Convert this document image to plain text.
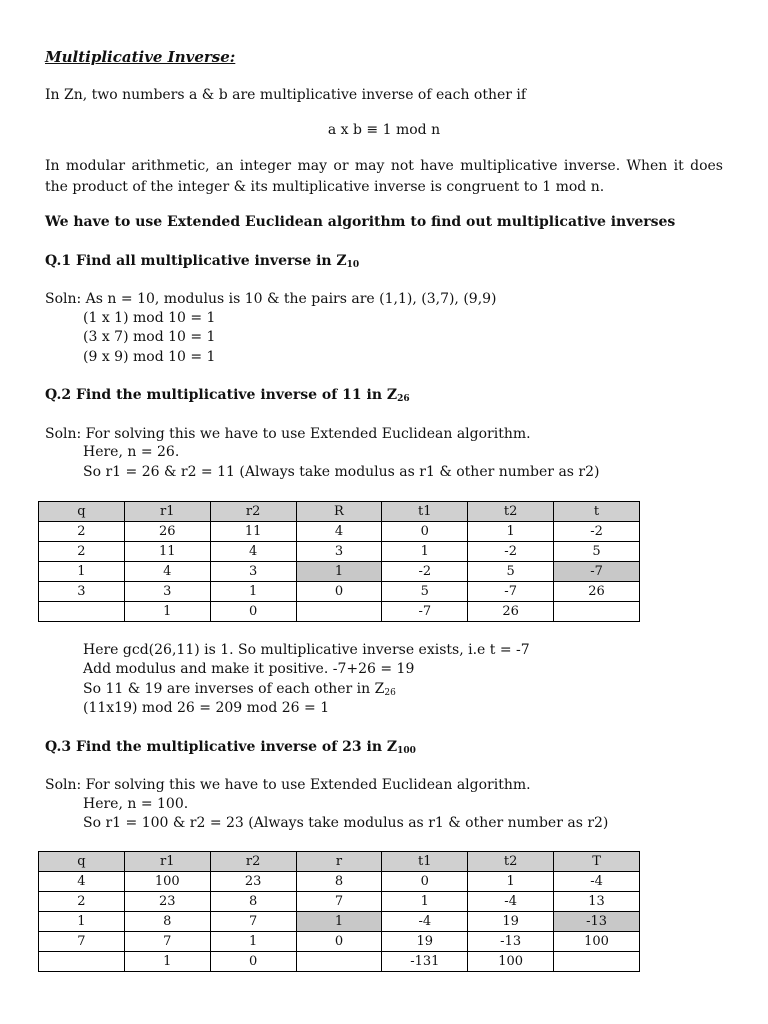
Multiplicative Inverse:
In Zn, two numbers a & b are multiplicative inverse of each other if
a x b ≡ 1 mod n
In modular arithmetic, an integer may or may not have multiplicative inverse. When it does the product of the integer & its multiplicative inverse is congruent to 1 mod n.
We have to use Extended Euclidean algorithm to find out multiplicative inverses
Q.1 Find all multiplicative inverse in $Z_{10}$
Soln: As n = 10, modulus is 10 & the pairs are (1,1), (3,7), (9,9)
(1 x 1) mod 10 = 1
(3 x 7) mod 10 = 1
(9 x 9) mod 10 = 1
Q.2 Find the multiplicative inverse of 11 in $Z_{26}$
Soln: For solving this we have to use Extended Euclidean algorithm.
Here, n = 26.
So r1 = 26 & r2 = 11 (Always take modulus as r1 & other number as r2)
q	r1	r2	R	t1	t2	t
2	26	11	4	0	1	-2
2	11	4	3	1	-2	5
1	4	3	1	-2	5	-7
3	3	1	0	5	-7	26
	1	0		-7	26	
Here gcd(26,11) is 1. So multiplicative inverse exists, i.e t = -7
Add modulus and make it positive. -7+26 = 19
So 11 & 19 are inverses of each other in $Z_{26}$
(11x19) mod 26 = 209 mod 26 = 1
Q.3 Find the multiplicative inverse of 23 in $Z_{100}$
Soln: For solving this we have to use Extended Euclidean algorithm.
Here, n = 100.
So r1 = 100 & r2 = 23 (Always take modulus as r1 & other number as r2)
q	r1	r2	r	t1	t2	T
4	100	23	8	0	1	-4
2	23	8	7	1	-4	13
1	8	7	1	-4	19	-13
7	7	1	0	19	-13	100
	1	0		-131	100	
